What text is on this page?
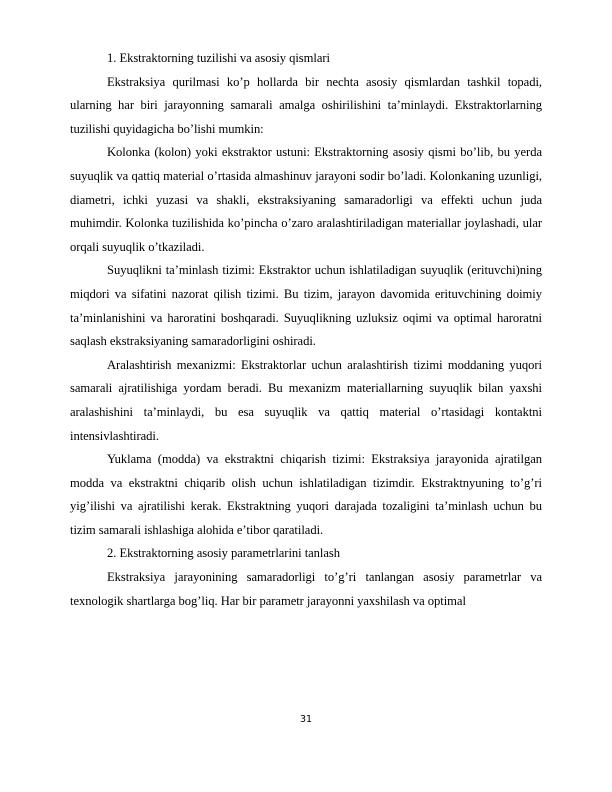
1. Ekstraktorning tuzilishi va asosiy qismlari

Ekstraksiya qurilmasi ko’p hollarda bir nechta asosiy qismlardan tashkil topadi, ularning har biri jarayonning samarali amalga oshirilishini ta’minlaydi. Ekstraktorlarning tuzilishi quyidagicha bo’lishi mumkin:

Kolonka (kolon) yoki ekstraktor ustuni: Ekstraktorning asosiy qismi bo’lib, bu yerda suyuqlik va qattiq material o’rtasida almashinuv jarayoni sodir bo’ladi. Kolonkaning uzunligi, diametri, ichki yuzasi va shakli, ekstraksiyaning samaradorligi va effekti uchun juda muhimdir. Kolonka tuzilishida ko’pincha o’zaro aralashtiriladigan materiallar joylashadi, ular orqali suyuqlik o’tkaziladi.

Suyuqlikni ta’minlash tizimi: Ekstraktor uchun ishlatiladigan suyuqlik (erituvchi)ning miqdori va sifatini nazorat qilish tizimi. Bu tizim, jarayon davomida erituvchining doimiy ta’minlanishini va haroratini boshqaradi. Suyuqlikning uzluksiz oqimi va optimal haroratni saqlash ekstraksiyaning samaradorligini oshiradi.

Aralashtirish mexanizmi: Ekstraktorlar uchun aralashtirish tizimi moddaning yuqori samarali ajratilishiga yordam beradi. Bu mexanizm materiallarning suyuqlik bilan yaxshi aralashishini ta’minlaydi, bu esa suyuqlik va qattiq material o’rtasidagi kontaktni intensivlashtiradi.

Yuklama (modda) va ekstraktni chiqarish tizimi: Ekstraksiya jarayonida ajratilgan modda va ekstraktni chiqarib olish uchun ishlatiladigan tizimdir. Ekstraktnyuning to’g’ri yig’ilishi va ajratilishi kerak. Ekstraktning yuqori darajada tozaligini ta’minlash uchun bu tizim samarali ishlashiga alohida e’tibor qaratiladi.

2. Ekstraktorning asosiy parametrlarini tanlash

Ekstraksiya jarayonining samaradorligi to’g’ri tanlangan asosiy parametrlar va texnologik shartlarga bog’liq. Har bir parametr jarayonni yaxshilash va optimal

31
